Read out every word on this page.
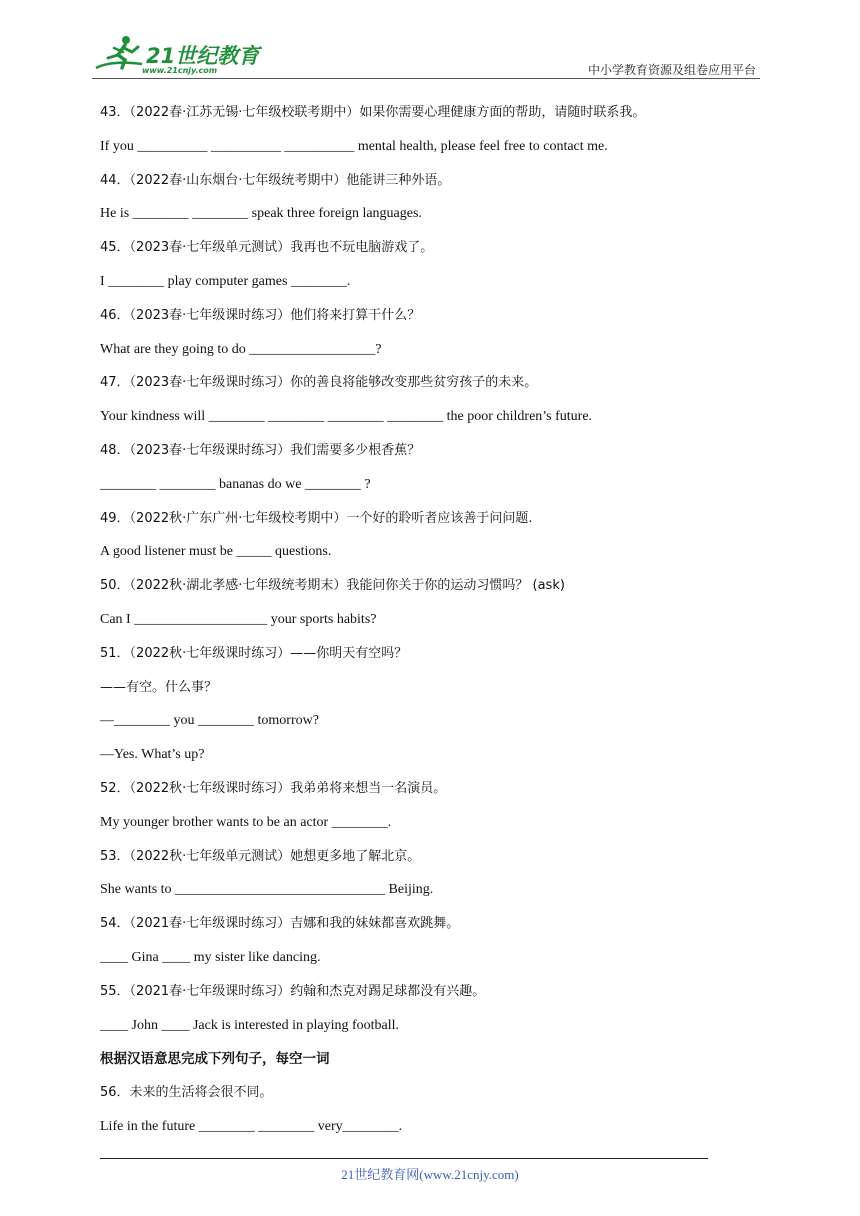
21世纪教育
www.21cnjy.com	中小学教育资源及组卷应用平台
43．（2022春·江苏无锡·七年级校联考期中）如果你需要心理健康方面的帮助，请随时联系我。
If you __________ __________ __________ mental health, please feel free to contact me.
44．（2022春·山东烟台·七年级统考期中）他能讲三种外语。
He is ________ ________ speak three foreign languages.
45．（2023春·七年级单元测试）我再也不玩电脑游戏了。
I ________ play computer games ________.
46．（2023春·七年级课时练习）他们将来打算干什么？
What are they going to do __________________?
47．（2023春·七年级课时练习）你的善良将能够改变那些贫穷孩子的未来。
Your kindness will ________ ________ ________ ________ the poor children’s future.
48．（2023春·七年级课时练习）我们需要多少根香蕉？
________ ________ bananas do we ________ ?
49．（2022秋·广东广州·七年级校考期中）一个好的聆听者应该善于问问题.
A good listener must be _____ questions.
50．（2022秋·湖北孝感·七年级统考期末）我能问你关于你的运动习惯吗？ (ask)
Can I ___________________ your sports habits?
51．（2022秋·七年级课时练习）——你明天有空吗？
——有空。什么事？
—________ you ________ tomorrow?
—Yes. What’s up?
52．（2022秋·七年级课时练习）我弟弟将来想当一名演员。
My younger brother wants to be an actor ________.
53．（2022秋·七年级单元测试）她想更多地了解北京。
She wants to ______________________________ Beijing.
54．（2021春·七年级课时练习）吉娜和我的妹妹都喜欢跳舞。
____ Gina ____ my sister like dancing.
55．（2021春·七年级课时练习）约翰和杰克对踢足球都没有兴趣。
____ John ____ Jack is interested in playing football.
根据汉语意思完成下列句子，每空一词
56．未来的生活将会很不同。
Life in the future ________ ________ very________.
21世纪教育网(www.21cnjy.com)
